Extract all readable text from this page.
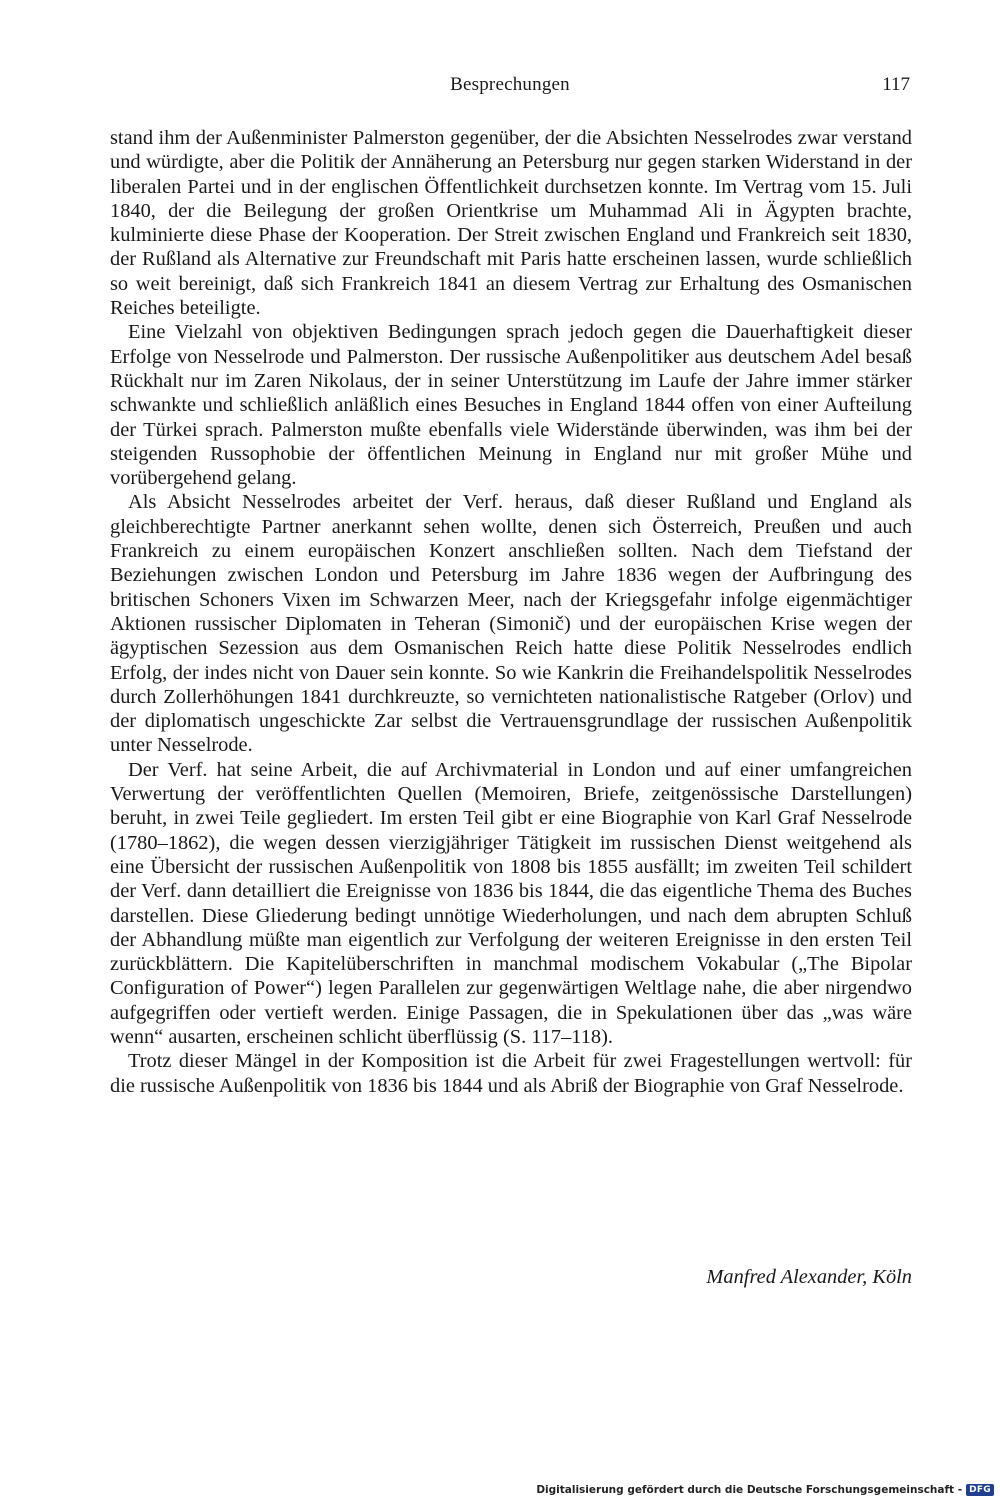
Besprechungen	117

stand ihm der Außenminister Palmerston gegenüber, der die Absichten Nesselrodes zwar verstand und würdigte, aber die Politik der Annäherung an Petersburg nur gegen starken Widerstand in der liberalen Partei und in der englischen Öffentlichkeit durchsetzen konnte. Im Vertrag vom 15. Juli 1840, der die Beilegung der großen Orientkrise um Muhammad Ali in Ägypten brachte, kulminierte diese Phase der Kooperation. Der Streit zwischen England und Frankreich seit 1830, der Rußland als Alternative zur Freundschaft mit Paris hatte erscheinen lassen, wurde schließlich so weit bereinigt, daß sich Frankreich 1841 an diesem Vertrag zur Erhaltung des Osmanischen Reiches beteiligte.

Eine Vielzahl von objektiven Bedingungen sprach jedoch gegen die Dauerhaftigkeit dieser Erfolge von Nesselrode und Palmerston. Der russische Außenpolitiker aus deutschem Adel besaß Rückhalt nur im Zaren Nikolaus, der in seiner Unterstützung im Laufe der Jahre immer stärker schwankte und schließlich anläßlich eines Besuches in England 1844 offen von einer Aufteilung der Türkei sprach. Palmerston mußte ebenfalls viele Widerstände überwinden, was ihm bei der steigenden Russophobie der öffentlichen Meinung in England nur mit großer Mühe und vorübergehend gelang.

Als Absicht Nesselrodes arbeitet der Verf. heraus, daß dieser Rußland und England als gleichberechtigte Partner anerkannt sehen wollte, denen sich Österreich, Preußen und auch Frankreich zu einem europäischen Konzert anschließen sollten. Nach dem Tiefstand der Beziehungen zwischen London und Petersburg im Jahre 1836 wegen der Aufbringung des britischen Schoners Vixen im Schwarzen Meer, nach der Kriegsgefahr infolge eigenmächtiger Aktionen russischer Diplomaten in Teheran (Simonič) und der europäischen Krise wegen der ägyptischen Sezession aus dem Osmanischen Reich hatte diese Politik Nesselrodes endlich Erfolg, der indes nicht von Dauer sein konnte. So wie Kankrin die Freihandelspolitik Nesselrodes durch Zollerhöhungen 1841 durchkreuzte, so vernichteten nationalistische Ratgeber (Orlov) und der diplomatisch ungeschickte Zar selbst die Vertrauensgrundlage der russischen Außenpolitik unter Nesselrode.

Der Verf. hat seine Arbeit, die auf Archivmaterial in London und auf einer umfangreichen Verwertung der veröffentlichten Quellen (Memoiren, Briefe, zeitgenössische Darstellungen) beruht, in zwei Teile gegliedert. Im ersten Teil gibt er eine Biographie von Karl Graf Nesselrode (1780–1862), die wegen dessen vierzigjähriger Tätigkeit im russischen Dienst weitgehend als eine Übersicht der russischen Außenpolitik von 1808 bis 1855 ausfällt; im zweiten Teil schildert der Verf. dann detailliert die Ereignisse von 1836 bis 1844, die das eigentliche Thema des Buches darstellen. Diese Gliederung bedingt unnötige Wiederholungen, und nach dem abrupten Schluß der Abhandlung müßte man eigentlich zur Verfolgung der weiteren Ereignisse in den ersten Teil zurückblättern. Die Kapitelüberschriften in manchmal modischem Vokabular („The Bipolar Configuration of Power“) legen Parallelen zur gegenwärtigen Weltlage nahe, die aber nirgendwo aufgegriffen oder vertieft werden. Einige Passagen, die in Spekulationen über das „was wäre wenn“ ausarten, erscheinen schlicht überflüssig (S. 117–118).

Trotz dieser Mängel in der Komposition ist die Arbeit für zwei Fragestellungen wertvoll: für die russische Außenpolitik von 1836 bis 1844 und als Abriß der Biographie von Graf Nesselrode.

Manfred Alexander, Köln
Digitalisierung gefördert durch die Deutsche Forschungsgemeinschaft - DFG
